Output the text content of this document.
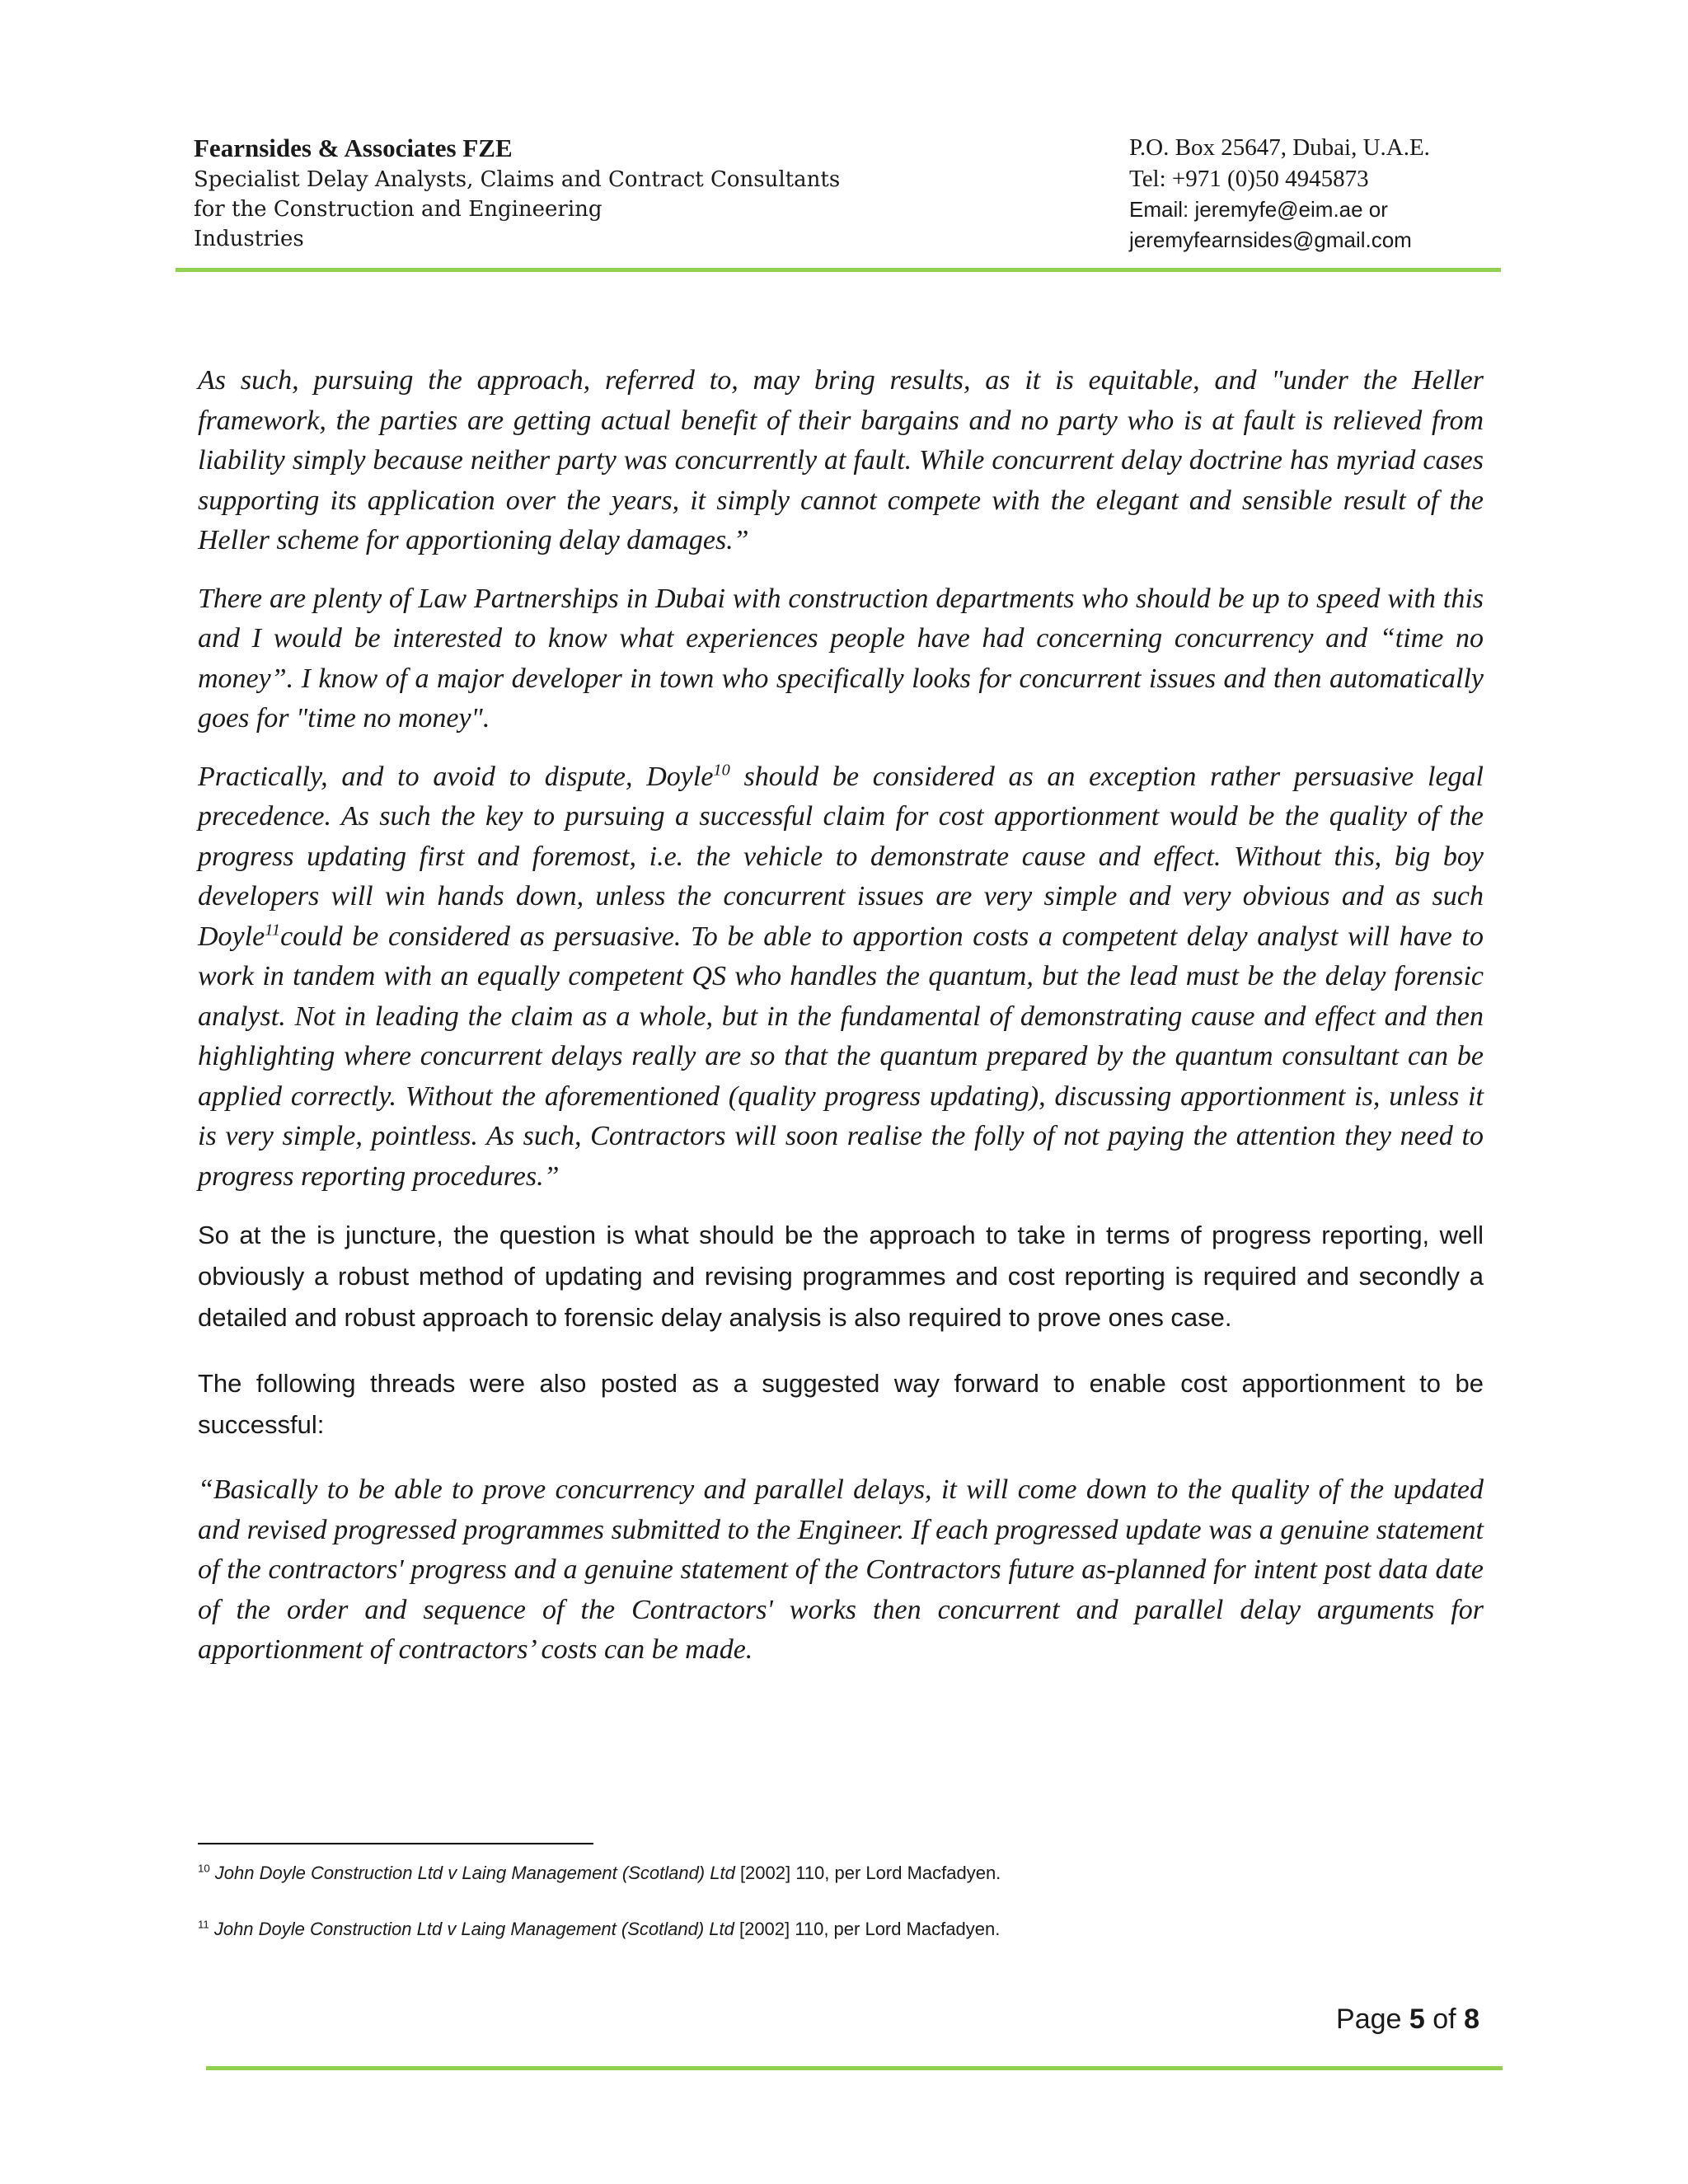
Fearnsides & Associates FZE
Specialist Delay Analysts, Claims and Contract Consultants
for the Construction and Engineering
Industries
P.O. Box 25647, Dubai, U.A.E.
Tel: +971 (0)50 4945873
Email: jeremyfe@eim.ae or
jeremyfearnsides@gmail.com

As such, pursuing the approach, referred to, may bring results, as it is equitable, and "under the Heller framework, the parties are getting actual benefit of their bargains and no party who is at fault is relieved from liability simply because neither party was concurrently at fault. While concurrent delay doctrine has myriad cases supporting its application over the years, it simply cannot compete with the elegant and sensible result of the Heller scheme for apportioning delay damages.”

There are plenty of Law Partnerships in Dubai with construction departments who should be up to speed with this and I would be interested to know what experiences people have had concerning concurrency and “time no money”. I know of a major developer in town who specifically looks for concurrent issues and then automatically goes for "time no money".

Practically, and to avoid to dispute, Doyle$^{10}$ should be considered as an exception rather persuasive legal precedence. As such the key to pursuing a successful claim for cost apportionment would be the quality of the progress updating first and foremost, i.e. the vehicle to demonstrate cause and effect. Without this, big boy developers will win hands down, unless the concurrent issues are very simple and very obvious and as such Doyle$^{11}$could be considered as persuasive. To be able to apportion costs a competent delay analyst will have to work in tandem with an equally competent QS who handles the quantum, but the lead must be the delay forensic analyst. Not in leading the claim as a whole, but in the fundamental of demonstrating cause and effect and then highlighting where concurrent delays really are so that the quantum prepared by the quantum consultant can be applied correctly. Without the aforementioned (quality progress updating), discussing apportionment is, unless it is very simple, pointless. As such, Contractors will soon realise the folly of not paying the attention they need to progress reporting procedures.”

So at the is juncture, the question is what should be the approach to take in terms of progress reporting, well obviously a robust method of updating and revising programmes and cost reporting is required and secondly a detailed and robust approach to forensic delay analysis is also required to prove ones case.

The following threads were also posted as a suggested way forward to enable cost apportionment to be successful:

“Basically to be able to prove concurrency and parallel delays, it will come down to the quality of the updated and revised progressed programmes submitted to the Engineer. If each progressed update was a genuine statement of the contractors' progress and a genuine statement of the Contractors future as-planned for intent post data date of the order and sequence of the Contractors' works then concurrent and parallel delay arguments for apportionment of contractors’ costs can be made.

$^{10}$ John Doyle Construction Ltd v Laing Management (Scotland) Ltd [2002] 110, per Lord Macfadyen.
$^{11}$ John Doyle Construction Ltd v Laing Management (Scotland) Ltd [2002] 110, per Lord Macfadyen.
Page 5 of 8
